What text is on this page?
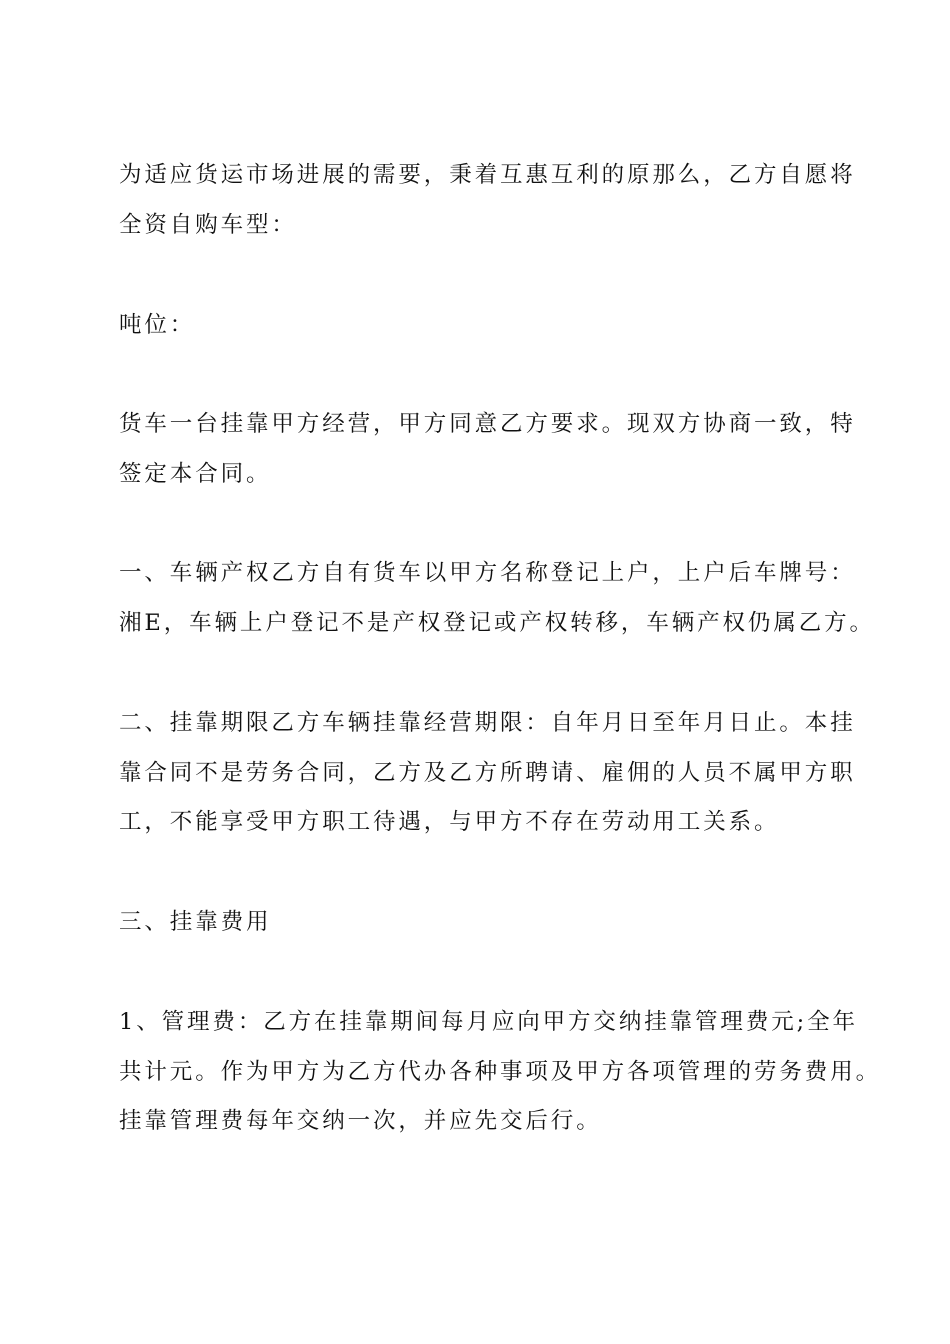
为适应货运市场进展的需要，秉着互惠互利的原那么，乙方自愿将
全资自购车型：

吨位：

货车一台挂靠甲方经营，甲方同意乙方要求。现双方协商一致，特
签定本合同。

一、车辆产权乙方自有货车以甲方名称登记上户，上户后车牌号：
湘E，车辆上户登记不是产权登记或产权转移，车辆产权仍属乙方。

二、挂靠期限乙方车辆挂靠经营期限：自年月日至年月日止。本挂
靠合同不是劳务合同，乙方及乙方所聘请、雇佣的人员不属甲方职
工，不能享受甲方职工待遇，与甲方不存在劳动用工关系。

三、挂靠费用

1、管理费：乙方在挂靠期间每月应向甲方交纳挂靠管理费元;全年
共计元。作为甲方为乙方代办各种事项及甲方各项管理的劳务费用。
挂靠管理费每年交纳一次，并应先交后行。
